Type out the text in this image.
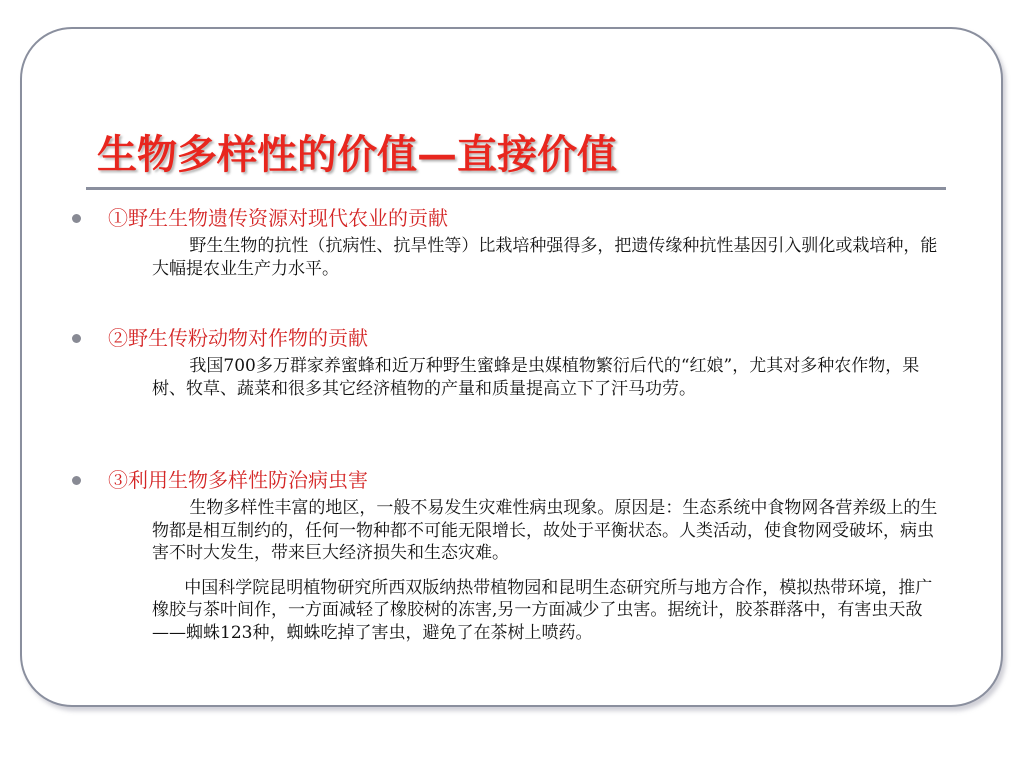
生物多样性的价值—直接价值
①野生生物遗传资源对现代农业的贡献

野生生物的抗性（抗病性、抗旱性等）比栽培种强得多，把遗传缘种抗性基因引入驯化或栽培种，能大幅提农业生产力水平。

②野生传粉动物对作物的贡献

我国700多万群家养蜜蜂和近万种野生蜜蜂是虫媒植物繁衍后代的“红娘”，尤其对多种农作物，果树、牧草、蔬菜和很多其它经济植物的产量和质量提高立下了汗马功劳。

③利用生物多样性防治病虫害

生物多样性丰富的地区，一般不易发生灾难性病虫现象。原因是：生态系统中食物网各营养级上的生物都是相互制约的，任何一物种都不可能无限增长，故处于平衡状态。人类活动，使食物网受破坏，病虫害不时大发生，带来巨大经济损失和生态灾难。

中国科学院昆明植物研究所西双版纳热带植物园和昆明生态研究所与地方合作，模拟热带环境，推广橡胶与茶叶间作，一方面减轻了橡胶树的冻害,另一方面减少了虫害。据统计，胶茶群落中，有害虫天敌——蜘蛛123种，蜘蛛吃掉了害虫，避免了在茶树上喷药。
